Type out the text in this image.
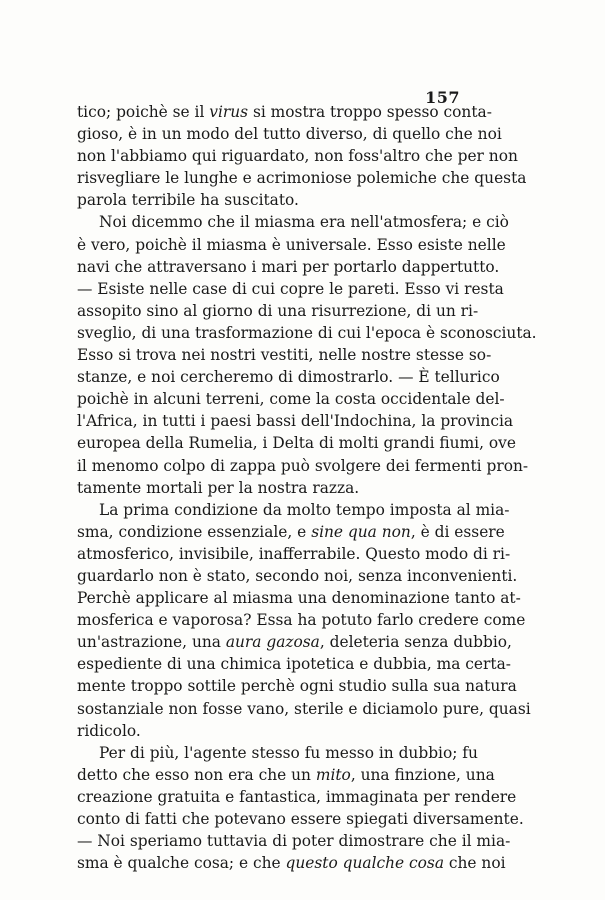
157
tico; poichè se il virus si mostra troppo spesso conta-
gioso, è in un modo del tutto diverso, di quello che noi
non l'abbiamo qui riguardato, non foss'altro che per non
risvegliare le lunghe e acrimoniose polemiche che questa
parola terribile ha suscitato.
Noi dicemmo che il miasma era nell'atmosfera; e ciò
è vero, poichè il miasma è universale. Esso esiste nelle
navi che attraversano i mari per portarlo dappertutto.
— Esiste nelle case di cui copre le pareti. Esso vi resta
assopito sino al giorno di una risurrezione, di un ri-
sveglio, di una trasformazione di cui l'epoca è sconosciuta.
Esso si trova nei nostri vestiti, nelle nostre stesse so-
stanze, e noi cercheremo di dimostrarlo. — È tellurico
poichè in alcuni terreni, come la costa occidentale del-
l'Africa, in tutti i paesi bassi dell'Indochina, la provincia
europea della Rumelia, i Delta di molti grandi fiumi, ove
il menomo colpo di zappa può svolgere dei fermenti pron-
tamente mortali per la nostra razza.
La prima condizione da molto tempo imposta al mia-
sma, condizione essenziale, e sine qua non, è di essere
atmosferico, invisibile, inafferrabile. Questo modo di ri-
guardarlo non è stato, secondo noi, senza inconvenienti.
Perchè applicare al miasma una denominazione tanto at-
mosferica e vaporosa? Essa ha potuto farlo credere come
un'astrazione, una aura gazosa, deleteria senza dubbio,
espediente di una chimica ipotetica e dubbia, ma certa-
mente troppo sottile perchè ogni studio sulla sua natura
sostanziale non fosse vano, sterile e diciamolo pure, quasi
ridicolo.
Per di più, l'agente stesso fu messo in dubbio; fu
detto che esso non era che un mito, una finzione, una
creazione gratuita e fantastica, immaginata per rendere
conto di fatti che potevano essere spiegati diversamente.
— Noi speriamo tuttavia di poter dimostrare che il mia-
sma è qualche cosa; e che questo qualche cosa che noi
